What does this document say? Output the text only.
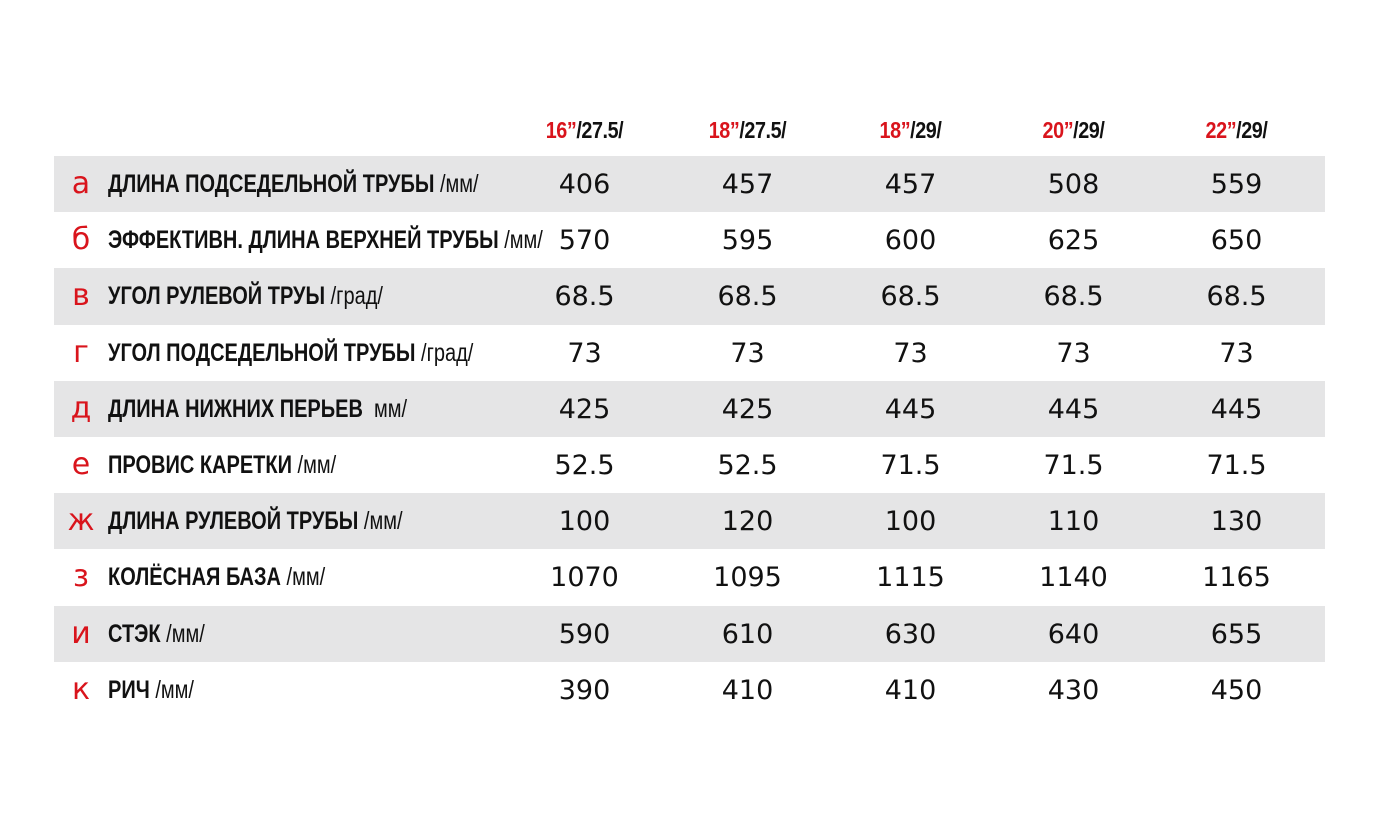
16”/27.5/	18”/27.5/	18”/29/	20”/29/	22”/29/
а ДЛИНА ПОДСЕДЕЛЬНОЙ ТРУБЫ /мм/	406	457	457	508	559
б ЭФФЕКТИВН. ДЛИНА ВЕРХНЕЙ ТРУБЫ /мм/ 570	595	600	625	650
в УГОЛ РУЛЕВОЙ ТРУЫ /град/	68.5	68.5	68.5	68.5	68.5
г УГОЛ ПОДСЕДЕЛЬНОЙ ТРУБЫ /град/	73	73	73	73	73
д ДЛИНА НИЖНИХ ПЕРЬЕВ  мм/	425	425	445	445	445
е ПРОВИС КАРЕТКИ /мм/	52.5	52.5	71.5	71.5	71.5
ж ДЛИНА РУЛЕВОЙ ТРУБЫ /мм/	100	120	100	110	130
з КОЛЁСНАЯ БАЗА /мм/	1070	1095	1115	1140	1165
и СТЭК /мм/	590	610	630	640	655
к РИЧ /мм/	390	410	410	430	450
